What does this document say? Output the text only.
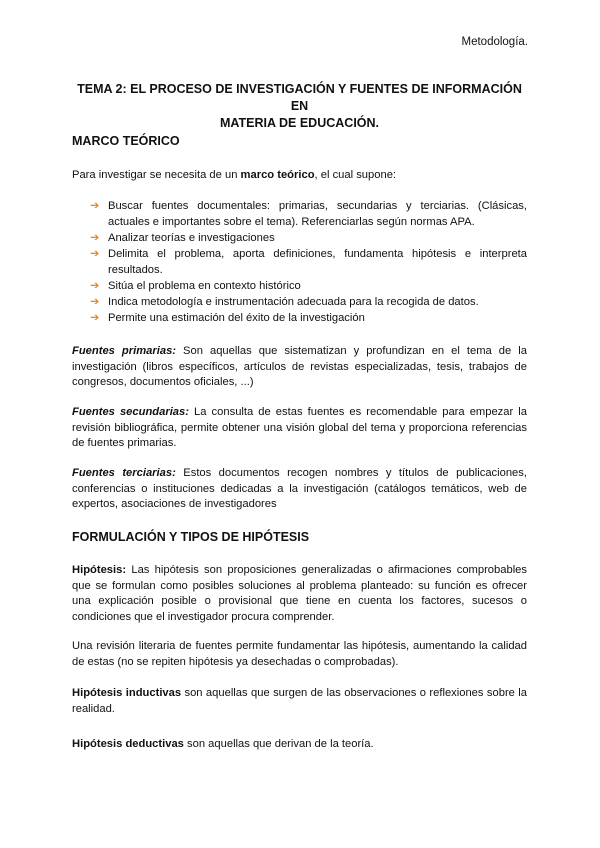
Metodología.
TEMA 2: EL PROCESO DE INVESTIGACIÓN Y FUENTES DE INFORMACIÓN EN
MATERIA DE EDUCACIÓN.
MARCO TEÓRICO
Para investigar se necesita de un marco teórico, el cual supone:
➔ Buscar fuentes documentales: primarias, secundarias y terciarias. (Clásicas, actuales e importantes sobre el tema). Referenciarlas según normas APA.
➔ Analizar teorías e investigaciones
➔ Delimita el problema, aporta definiciones, fundamenta hipótesis e interpreta resultados.
➔ Sitúa el problema en contexto histórico
➔ Indica metodología e instrumentación adecuada para la recogida de datos.
➔ Permite una estimación del éxito de la investigación
Fuentes primarias: Son aquellas que sistematizan y profundizan en el tema de la investigación (libros específicos, artículos de revistas especializadas, tesis, trabajos de congresos, documentos oficiales, ...)
Fuentes secundarias: La consulta de estas fuentes es recomendable para empezar la revisión bibliográfica, permite obtener una visión global del tema y proporciona referencias de fuentes primarias.
Fuentes terciarias: Estos documentos recogen nombres y títulos de publicaciones, conferencias o instituciones dedicadas a la investigación (catálogos temáticos, web de expertos, asociaciones de investigadores
FORMULACIÓN Y TIPOS DE HIPÓTESIS
Hipótesis: Las hipótesis son proposiciones generalizadas o afirmaciones comprobables que se formulan como posibles soluciones al problema planteado: su función es ofrecer una explicación posible o provisional que tiene en cuenta los factores, sucesos o condiciones que el investigador procura comprender.
Una revisión literaria de fuentes permite fundamentar las hipótesis, aumentando la calidad de estas (no se repiten hipótesis ya desechadas o comprobadas).
Hipótesis inductivas son aquellas que surgen de las observaciones o reflexiones sobre la realidad.
Hipótesis deductivas son aquellas que derivan de la teoría.
